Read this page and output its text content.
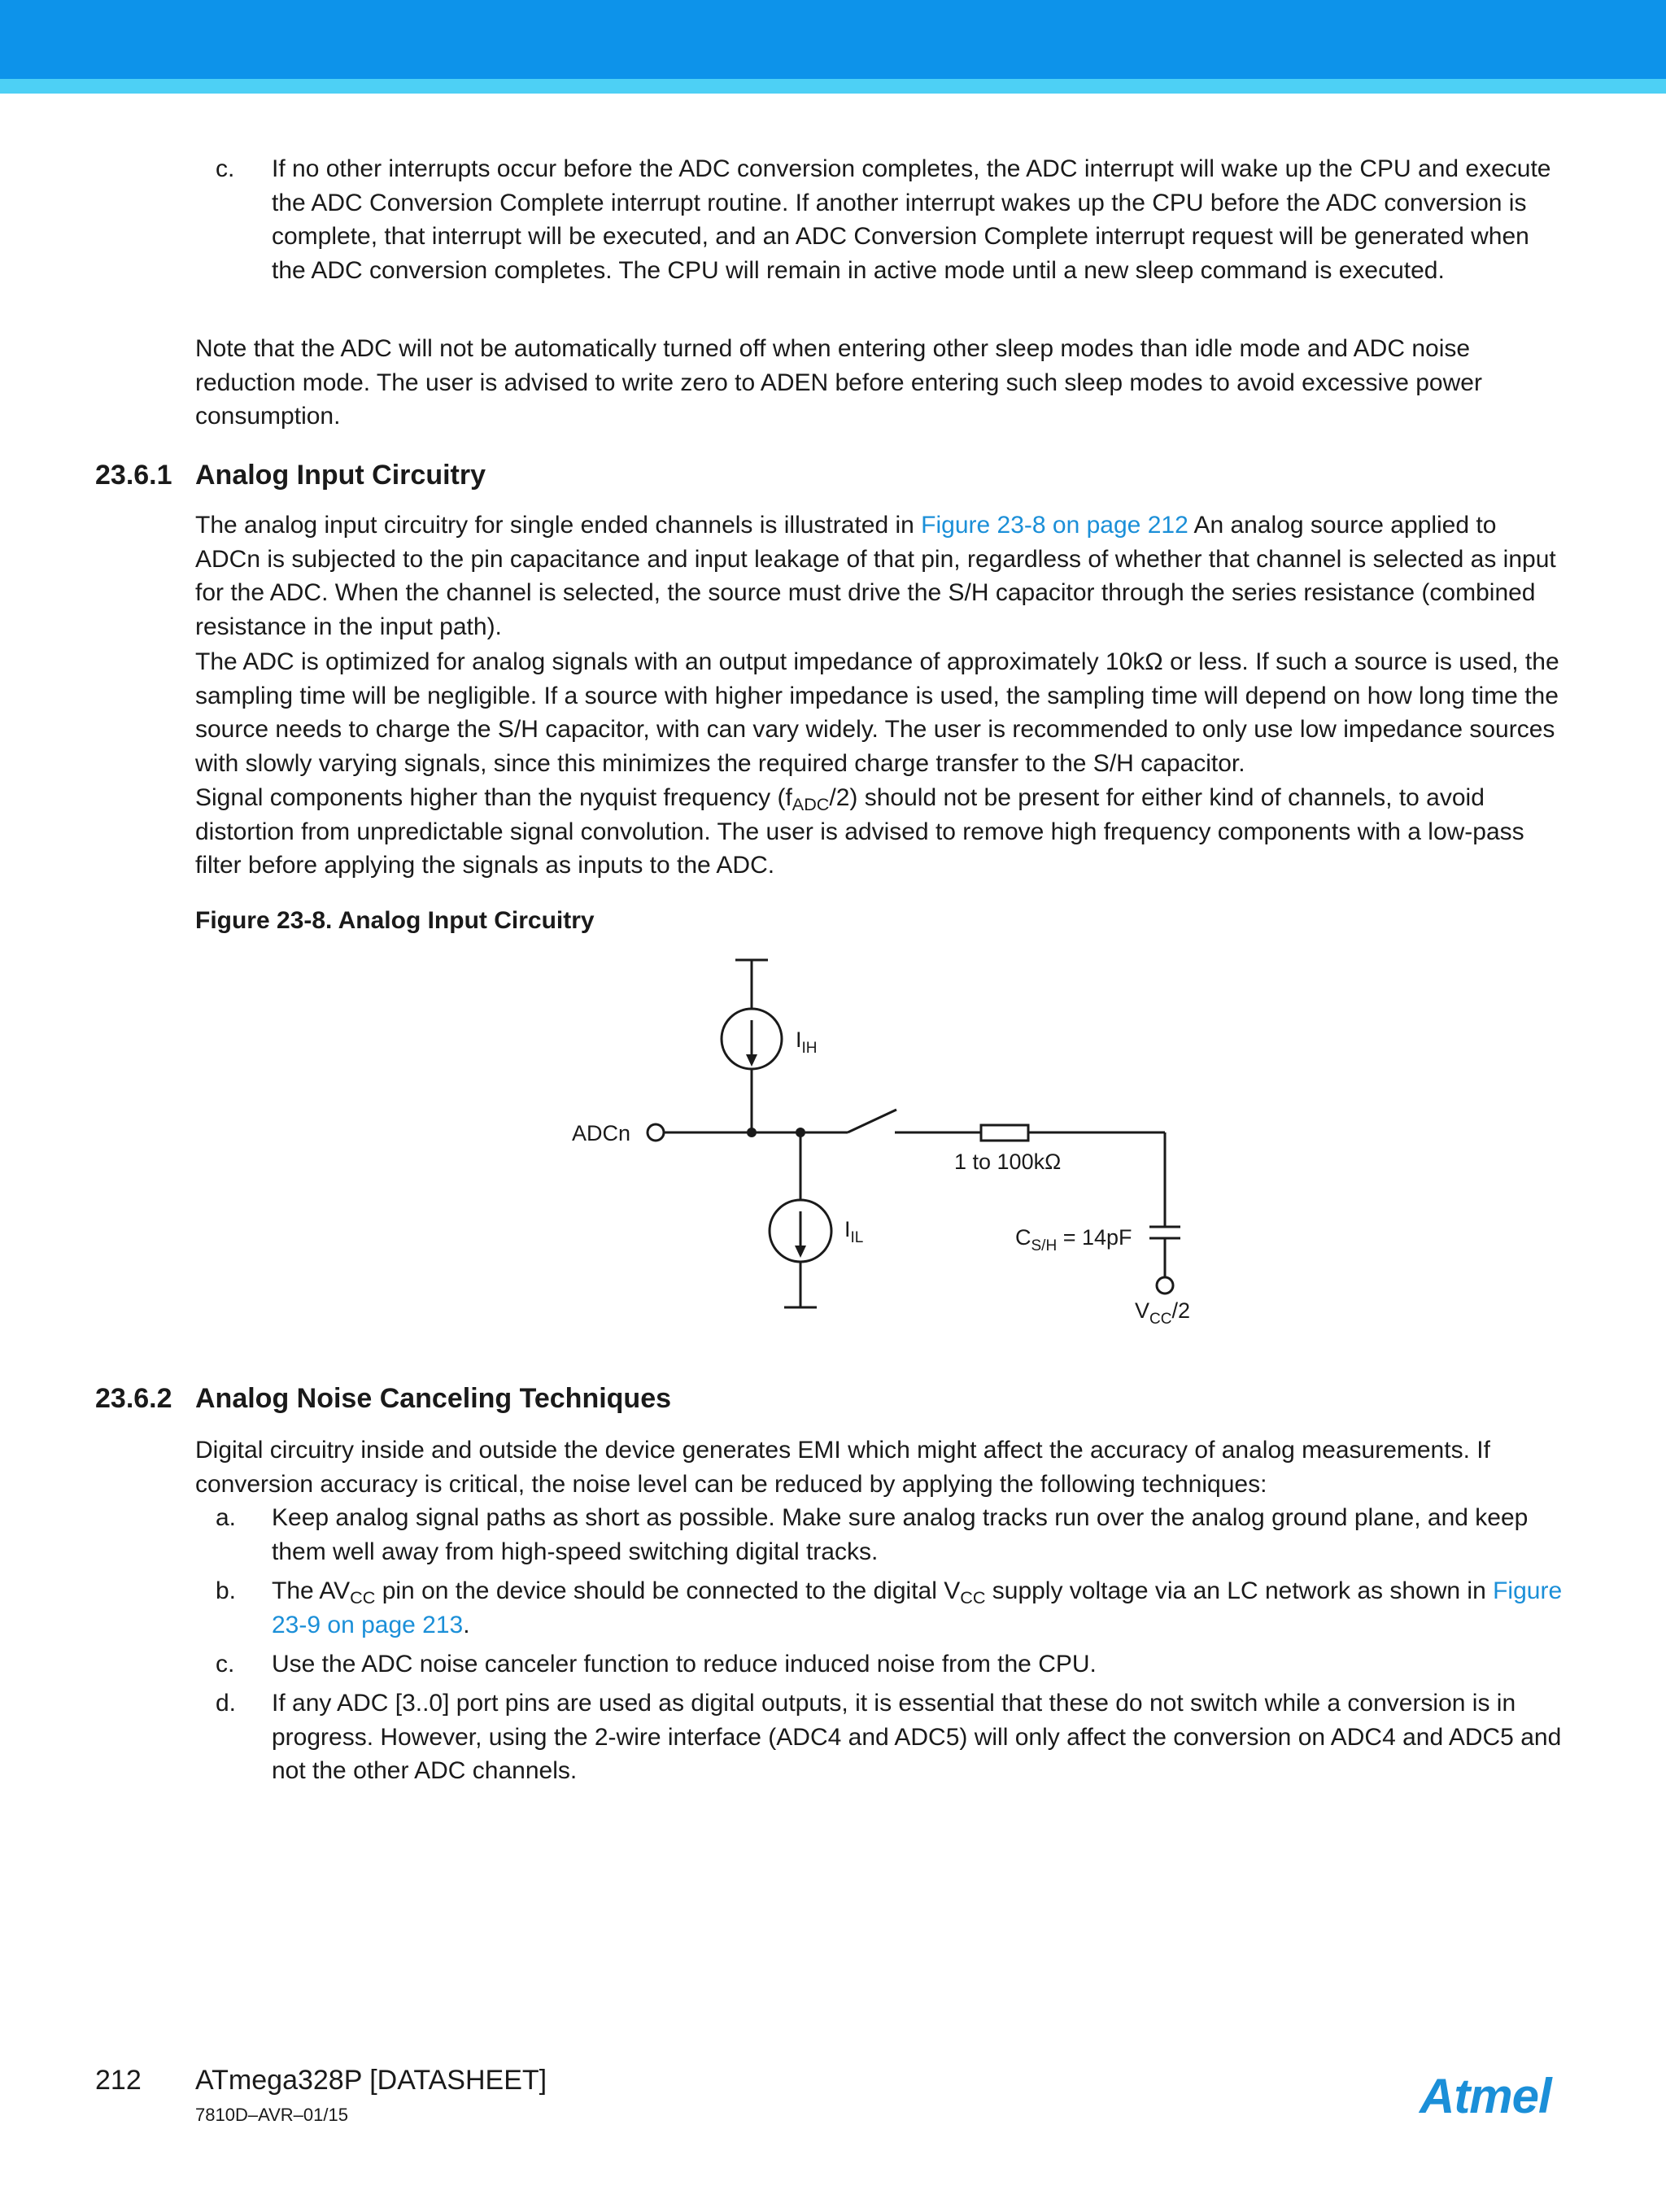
c. If no other interrupts occur before the ADC conversion completes, the ADC interrupt will wake up the CPU and execute the ADC Conversion Complete interrupt routine. If another interrupt wakes up the CPU before the ADC conversion is complete, that interrupt will be executed, and an ADC Conversion Complete interrupt request will be generated when the ADC conversion completes. The CPU will remain in active mode until a new sleep command is executed.

Note that the ADC will not be automatically turned off when entering other sleep modes than idle mode and ADC noise reduction mode. The user is advised to write zero to ADEN before entering such sleep modes to avoid excessive power consumption.

23.6.1 Analog Input Circuitry

The analog input circuitry for single ended channels is illustrated in Figure 23-8 on page 212 An analog source applied to ADCn is subjected to the pin capacitance and input leakage of that pin, regardless of whether that channel is selected as input for the ADC. When the channel is selected, the source must drive the S/H capacitor through the series resistance (combined resistance in the input path).

The ADC is optimized for analog signals with an output impedance of approximately 10kΩ or less. If such a source is used, the sampling time will be negligible. If a source with higher impedance is used, the sampling time will depend on how long time the source needs to charge the S/H capacitor, with can vary widely. The user is recommended to only use low impedance sources with slowly varying signals, since this minimizes the required charge transfer to the S/H capacitor.

Signal components higher than the nyquist frequency $(f_{ADC}/2)$ should not be present for either kind of channels, to avoid distortion from unpredictable signal convolution. The user is advised to remove high frequency components with a low-pass filter before applying the signals as inputs to the ADC.

Figure 23-8. Analog Input Circuitry
ADCn
$I_{IH}$
$I_{IL}$
1 to 100kΩ
$C_{S/H} = 14pF$
$V_{CC}/2$
23.6.2 Analog Noise Canceling Techniques

Digital circuitry inside and outside the device generates EMI which might affect the accuracy of analog measurements. If conversion accuracy is critical, the noise level can be reduced by applying the following techniques:

a. Keep analog signal paths as short as possible. Make sure analog tracks run over the analog ground plane, and keep them well away from high-speed switching digital tracks.
b. The $AV_{CC}$ pin on the device should be connected to the digital $V_{CC}$ supply voltage via an LC network as shown in Figure 23-9 on page 213.
c. Use the ADC noise canceler function to reduce induced noise from the CPU.
d. If any ADC [3..0] port pins are used as digital outputs, it is essential that these do not switch while a conversion is in progress. However, using the 2-wire interface (ADC4 and ADC5) will only affect the conversion on ADC4 and ADC5 and not the other ADC channels.
212 ATmega328P [DATASHEET]
7810D–AVR–01/15	Atmel
